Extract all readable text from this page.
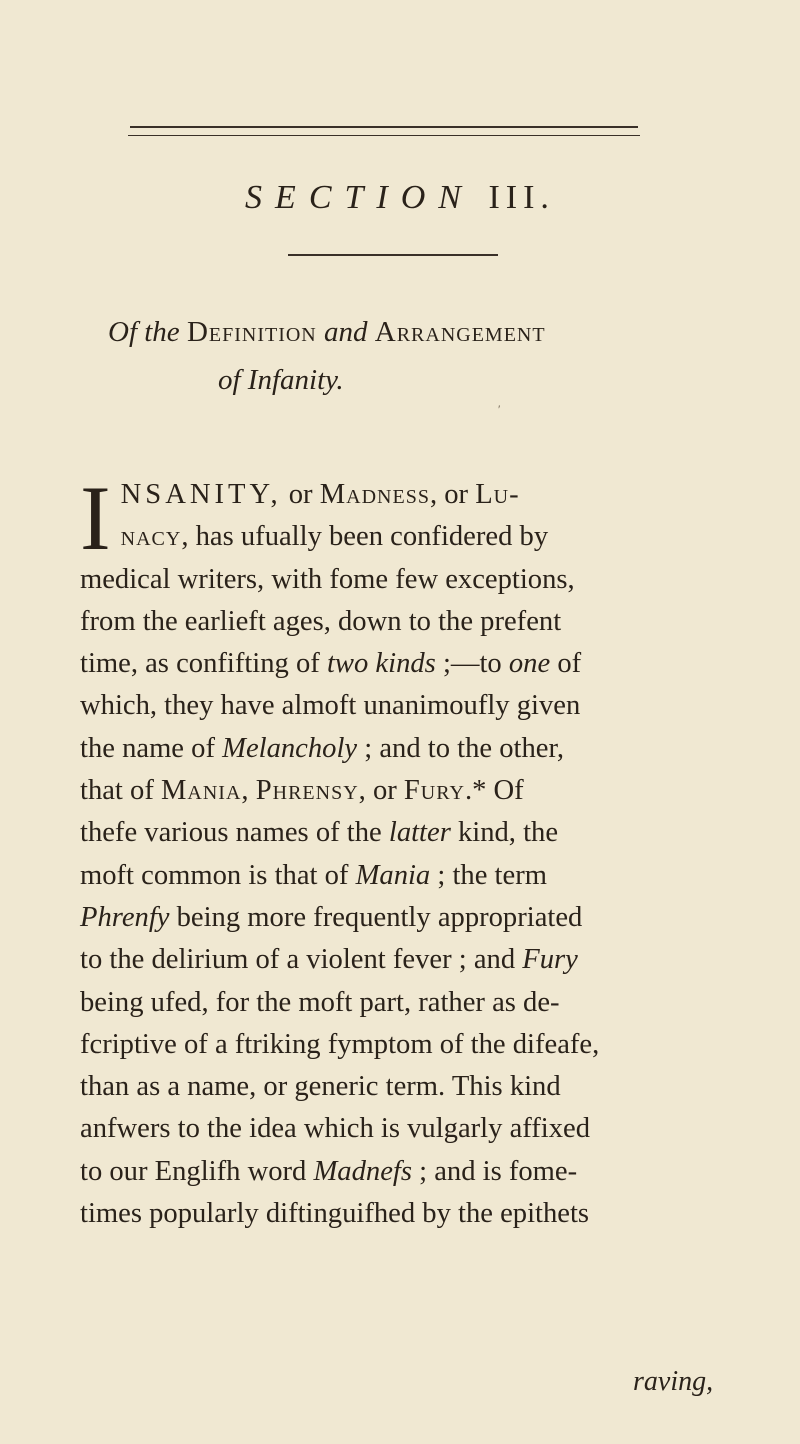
SECTION III.
Of the Definition and Arrangement
of Infanity.
′
I NSANITY, or Madness, or Lu-
nacy, has ufually been confidered by
medical writers, with fome few exceptions,
from the earlieft ages, down to the prefent
time, as confifting of two kinds ;—to one of
which, they have almoft unanimoufly given
the name of Melancholy ; and to the other,
that of Mania, Phrensy, or Fury.* Of
thefe various names of the latter kind, the
moft common is that of Mania ; the term
Phrenfy being more frequently appropriated
to the delirium of a violent fever ; and Fury
being ufed, for the moft part, rather as de-
fcriptive of a ftriking fymptom of the difeafe,
than as a name, or generic term. This kind
anfwers to the idea which is vulgarly affixed
to our Englifh word Madnefs ; and is fome-
times popularly diftinguifhed by the epithets
raving,
